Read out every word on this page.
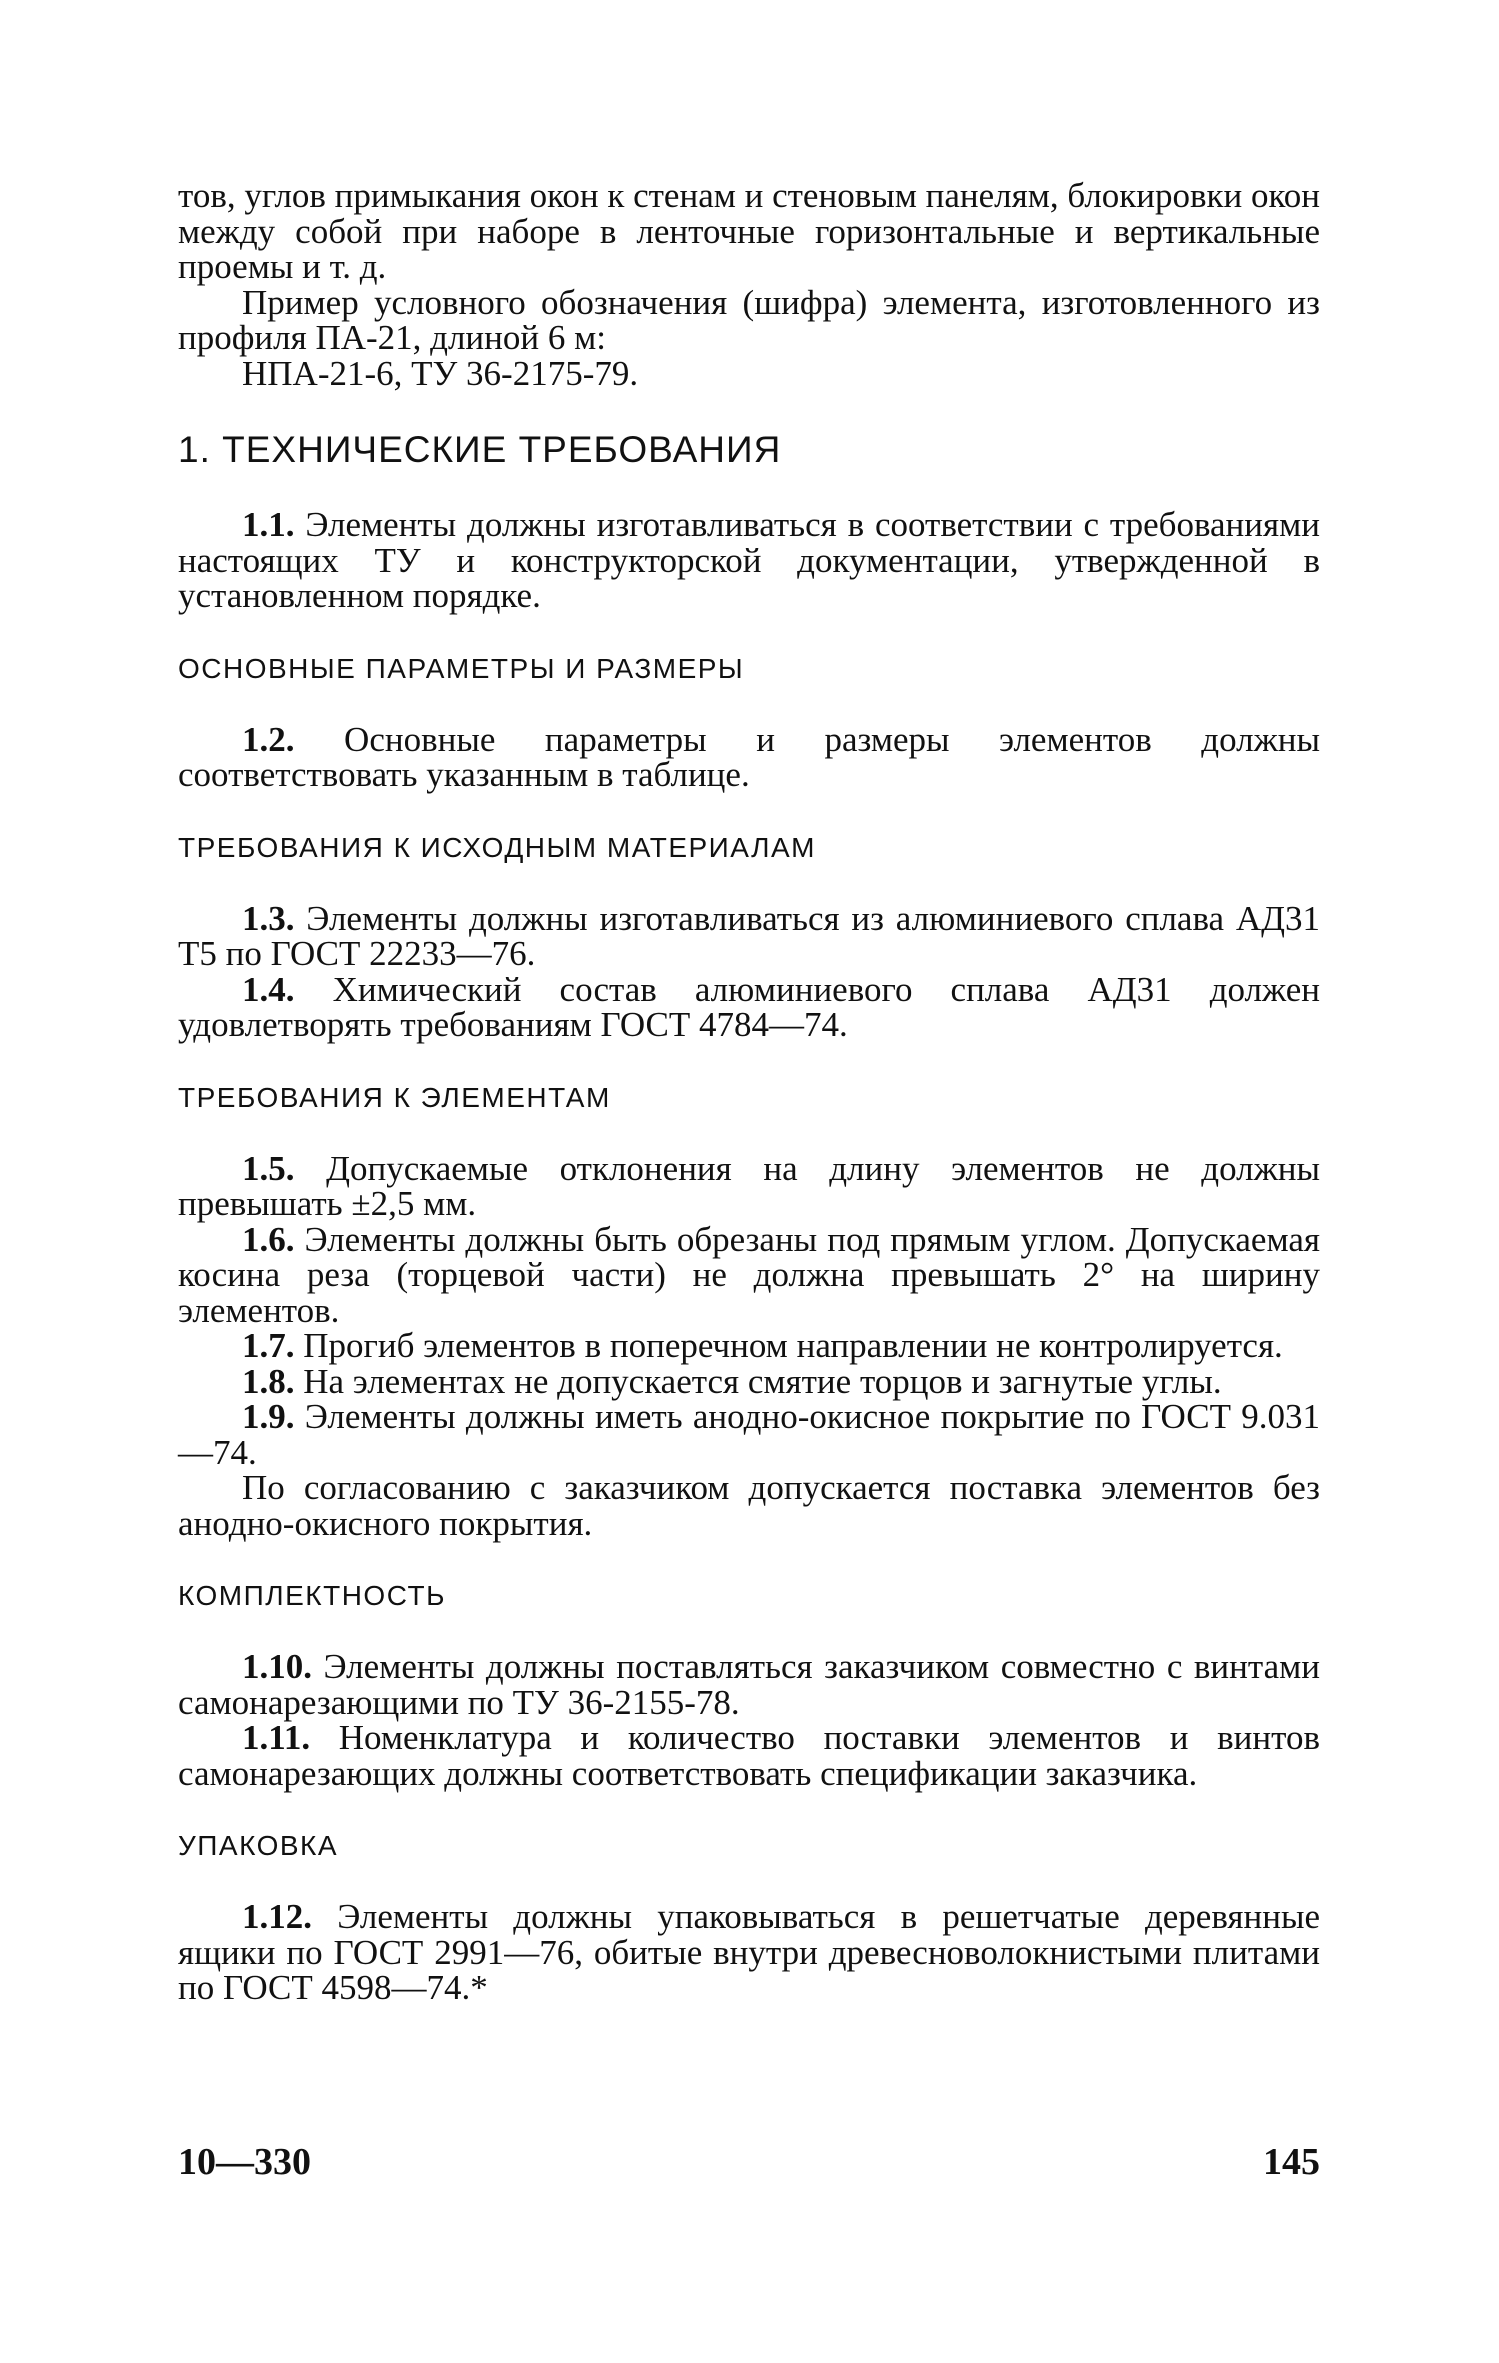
тов, углов примыкания окон к стенам и стеновым панелям, блокировки окон между собой при наборе в ленточные горизонтальные и вертикальные проемы и т. д.

Пример условного обозначения (шифра) элемента, изготовленного из профиля ПА-21, длиной 6 м:

НПА-21-6, ТУ 36-2175-79.

1. ТЕХНИЧЕСКИЕ ТРЕБОВАНИЯ

1.1. Элементы должны изготавливаться в соответствии с требованиями настоящих ТУ и конструкторской документации, утвержденной в установленном порядке.

ОСНОВНЫЕ ПАРАМЕТРЫ И РАЗМЕРЫ

1.2. Основные параметры и размеры элементов должны соответствовать указанным в таблице.

ТРЕБОВАНИЯ К ИСХОДНЫМ МАТЕРИАЛАМ

1.3. Элементы должны изготавливаться из алюминиевого сплава АД31 Т5 по ГОСТ 22233—76.

1.4. Химический состав алюминиевого сплава АД31 должен удовлетворять требованиям ГОСТ 4784—74.

ТРЕБОВАНИЯ К ЭЛЕМЕНТАМ

1.5. Допускаемые отклонения на длину элементов не должны превышать ±2,5 мм.

1.6. Элементы должны быть обрезаны под прямым углом. Допускаемая косина реза (торцевой части) не должна превышать 2° на ширину элементов.

1.7. Прогиб элементов в поперечном направлении не контролируется.

1.8. На элементах не допускается смятие торцов и загнутые углы.

1.9. Элементы должны иметь анодно-окисное покрытие по ГОСТ 9.031—74.

По согласованию с заказчиком допускается поставка элементов без анодно-окисного покрытия.

КОМПЛЕКТНОСТЬ

1.10. Элементы должны поставляться заказчиком совместно с винтами самонарезающими по ТУ 36-2155-78.

1.11. Номенклатура и количество поставки элементов и винтов самонарезающих должны соответствовать спецификации заказчика.

УПАКОВКА

1.12. Элементы должны упаковываться в решетчатые деревянные ящики по ГОСТ 2991—76, обитые внутри древесноволокнистыми плитами по ГОСТ 4598—74.*

10—330	145
